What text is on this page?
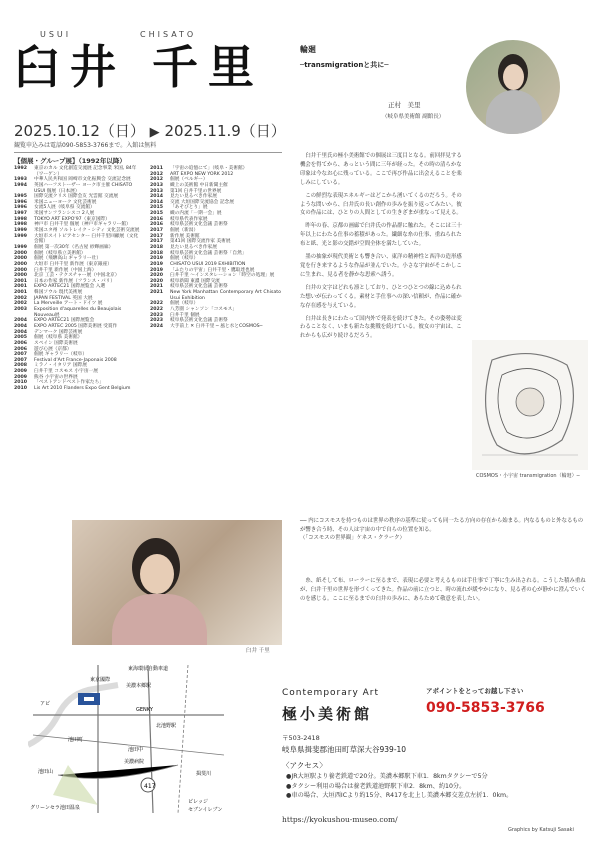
USUI	CHISATO
臼井 千里
2025.10.12（日） ▶ 2025.11.9（日）
観覧申込みは電話090-5853-3766まで。入館は無料
【個展・グループ展】（1992年以降）
1992	東京のカル 文化創造交流展 記念事業 米国, 84年（ワーゲン）
1993	中華人民共和国 岡崎市文化振興会 交流記念展
1994	英国ハーフストーザー ヨーク市主催 CHISATO USUI 個展（日本展）
1995	国際交流クリス 国際会友 光雲館 交流展
1996	米国ニューヨーク 文化芸術展
1996	女流5人展（岐阜県 交流館）
1997	米国サンフランシスコ 2人展
1998	TOKYO ART EXPO'97（東京国際）
1998	神戸市 臼井千里 個展（神戸市ギャラリー館）
1999	米国ユタ州 ソルトレイク・シティ 文化芸術交流展
1999	大垣市スイトピアセンター 臼井千里回顧展（文化会館）
1999	個展 第一次30年（名古屋 紗輝画廊）
2000	個展（岐阜県立美術館）
2000	個展（飛騨高山 ギャラリー壮）
2000	大垣市 臼井千里 新作展（東京銀座）
2000	臼井千里 新作展（中国上海）
2000	北京 工芸・テクスチャー展（中国北京）
2001	日本の作家 新作展（フランス・パリ）
2001	EXPO ARTEC21 国際展覧会 入選
2001	韓国ソウル 現代美術展
2002	JAPAN FESTIVAL 英国 大展
2002	La Merveille アート・ドイツ 展
2003	Exposition d'aquarelles du Beaujolais Nouveau展
2004	EXPO ARTEC21 国際展覧会
2004	EXPO ARTEC 2005 国際美術展 受賞作
2004	デンマーク 国際芸術展
2005	個展（岐阜県 美術館）
2006	スペイン 国際美術展
2006	遊び心展（京都）
2007	個展 ギャラリー（岐阜）
2007	Festival d'Art France-Japonais 2008
2008	ミラノ・イタリア 国際展
2009	臼井千里 コスモス 小宇宙一展
2009	熊谷 小宇宙の世界展
2010	「ベストアンドベスト作家たち」
2010	Lis Art 2010 Flanders Expo Gent Belgium
2011	「宇宙の追憶にて」（岐阜・美術館）
2012	ART EXPO NEW YORK 2012
2012	個展（ベルギー）
2013	織上の美術館 中日新聞主催
2013	第1回 臼井千里の世界展
2014	見たい見るべき作家展
2014	交流 大垣国際交流協会 記念展
2015	「あそびとり」展
2015	織の内流「一期一会」展
2016	岐阜県代表作家展
2016	岐阜県芸術文化会議 芸術祭
2017	個展（新潟）
2017	新作展 美術館
2017	第41回 国際交流作家 美術展
2018	見たい見るべき作家展
2018	岐阜県芸術文化会議 芸術祭「自然」
2019	個展（岐阜）
2019	CHISATO USUI 2019 EXHIBITION
2019	「ふたりの宇宙」臼井千里・鷹取達也展
2020	臼井千里 ～インスタレーション「時空の処理」展
2020	岐阜新聞 東濃 国際交流
2021	岐阜県芸術文化会議 芸術祭
2021	New York Manhattan Contemporary Art Chisato Usui Exhibition
2022	個展（岐阜）
2022	八芳園 シャンソン「コスモス」
2023	臼井千里 個展
2023	岐阜県芸術文化会議 芸術祭
2024	大手前上 ✕ 臼井千里 ─ 風と水とCOSMOS─
臼井 千里
輪廻
─transmigrationと共に─
正村　美里
（岐阜県美術館 副館長）

臼井千里氏の極小美術館での個展は三度目となる。前回拝見する機会を得てから、あっという間に三年が経った。その時の清らかな印象は今なお心に残っている。ここで再び作品に出会えることを楽しみにしている。

この鮮烈な表現エネルギーはどこから湧いてくるのだろう。そのような問いから、臼井氏の長い創作の歩みを振り返ってみたい。彼女の作品には、ひとりの人間としての生きざまが重なって見える。

昨年の春、京都の画廊で臼井氏の作品群に触れた。そこには三十年以上にわたる仕事の蓄積があった。繊細な糸の仕事、重ねられた布と紙、光と影の交錯が空間全体を満たしていた。

墨の抽象が現代美術とも響き合い、東洋の精神性と西洋の造形感覚を行き来するような作品が並んでいた。小さな宇宙がそこかしこに生まれ、見る者を静かな思索へ誘う。

臼井の文字はどれも凛としており、ひとつひとつの線に込められた想いが伝わってくる。素材と手仕事への深い信頼が、作品に確かな存在感を与えている。

臼井は長きにわたって国内外で発表を続けてきた。その姿勢は変わることなく、いまも新たな挑戦を続けている。彼女の宇宙は、これからも広がり続けるだろう。

COSMOS・小宇宙 transmigration（輪廻）─
── 内にコスモスを持つものは世界の秩序の基準に従っても同一たる方向の存在から始まる。内なるものと外なるものが響き合う時、その人は宇宙の中で自らの位置を知る。
（「コスモスの世界観」ケネス・クラーク）

糸、紙そして布、ローラーに至るまで、表現に必要と考えるものは手仕事で丁寧に生み出される。こうした積み重ねが、臼井千里の世界を形づくってきた。作品の前に立つと、時の流れが緩やかになり、見る者の心が静かに澄んでいくのを感じる。ここに至るまでの臼井の歩みに、あらためて敬意を表したい。

417
東京國際
アビ
美濃本郷駅
GENKY
北池野駅
池田町
池田山
グリーンセラ池田温泉
美濃病院
池田中
東海環状自動車道
ビレッジ
セブンイレブン
揖斐川
Contemporary Art
極小美術館
アポイントをとってお越し下さい
090-5853-3766
〒503-2418
岐阜県揖斐郡池田町草深大谷939-10
〈アクセス〉
●JR大垣駅より養老鉄道で20分。美濃本郷駅下車1．8kmタクシーで5分
●タクシー利用の場合は養老鉄道池野駅下車2．8km、約10分。
●車の場合、大垣西ICより約15分、R417を北上し美濃本郷交差点左折1．0km。
https://kyokushou-museo.com/
Graphics by Katsuji Sasaki
